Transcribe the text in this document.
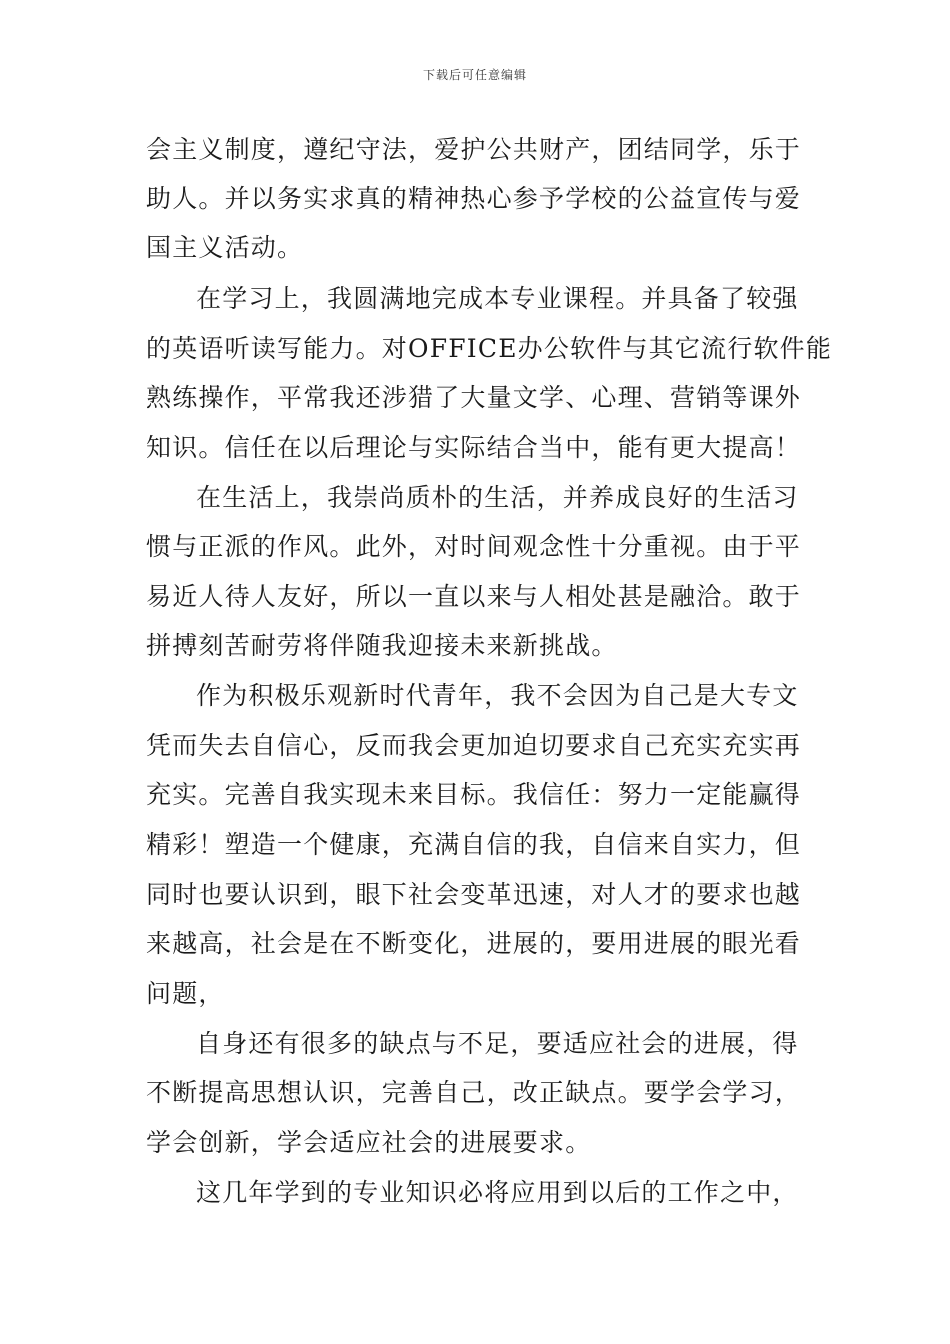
下载后可任意编辑
会主义制度，遵纪守法，爱护公共财产，团结同学，乐于
助人。并以务实求真的精神热心参予学校的公益宣传与爱
国主义活动。
在学习上，我圆满地完成本专业课程。并具备了较强
的英语听读写能力。对OFFICE办公软件与其它流行软件能
熟练操作，平常我还涉猎了大量文学、心理、营销等课外
知识。信任在以后理论与实际结合当中，能有更大提高！
在生活上，我崇尚质朴的生活，并养成良好的生活习
惯与正派的作风。此外，对时间观念性十分重视。由于平
易近人待人友好，所以一直以来与人相处甚是融洽。敢于
拼搏刻苦耐劳将伴随我迎接未来新挑战。
作为积极乐观新时代青年，我不会因为自己是大专文
凭而失去自信心，反而我会更加迫切要求自己充实充实再
充实。完善自我实现未来目标。我信任：努力一定能赢得
精彩！塑造一个健康，充满自信的我，自信来自实力，但
同时也要认识到，眼下社会变革迅速，对人才的要求也越
来越高，社会是在不断变化，进展的，要用进展的眼光看
问题，
自身还有很多的缺点与不足，要适应社会的进展，得
不断提高思想认识，完善自己，改正缺点。要学会学习，
学会创新，学会适应社会的进展要求。
这几年学到的专业知识必将应用到以后的工作之中，
